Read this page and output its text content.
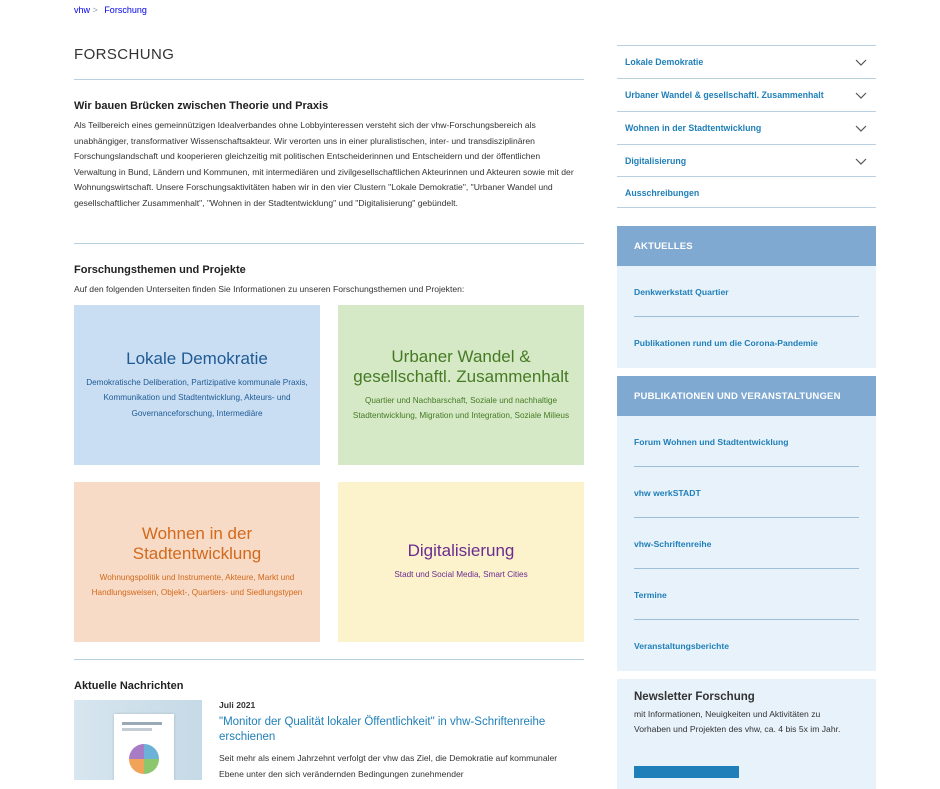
vhw > Forschung
FORSCHUNG
Wir bauen Brücken zwischen Theorie und Praxis

Als Teilbereich eines gemeinnützigen Idealverbandes ohne Lobbyinteressen versteht sich der vhw-Forschungsbereich als unabhängiger, transformativer Wissenschaftsakteur. Wir verorten uns in einer pluralistischen, inter- und transdisziplinären Forschungslandschaft und kooperieren gleichzeitig mit politischen Entscheiderinnen und Entscheidern und der öffentlichen Verwaltung in Bund, Ländern und Kommunen, mit intermediären und zivilgesellschaftlichen Akteurinnen und Akteuren sowie mit der Wohnungswirtschaft. Unsere Forschungsaktivitäten haben wir in den vier Clustern "Lokale Demokratie", "Urbaner Wandel und gesellschaftlicher Zusammenhalt", "Wohnen in der Stadtentwicklung" und "Digitalisierung" gebündelt.

Forschungsthemen und Projekte

Auf den folgenden Unterseiten finden Sie Informationen zu unseren Forschungsthemen und Projekten:

Lokale Demokratie

Demokratische Deliberation, Partizipative kommunale Praxis, Kommunikation und Stadtentwicklung, Akteurs- und Governanceforschung, Intermediäre

Urbaner Wandel & gesellschaftl. Zusammenhalt

Quartier und Nachbarschaft, Soziale und nachhaltige Stadtentwicklung, Migration und Integration, Soziale Milieus

Wohnen in der Stadtentwicklung

Wohnungspolitik und Instrumente, Akteure, Markt und Handlungsweisen, Objekt-, Quartiers- und Siedlungstypen

Digitalisierung

Stadt und Social Media, Smart Cities

Aktuelle Nachrichten
Juli 2021
"Monitor der Qualität lokaler Öffentlichkeit" in vhw-Schriftenreihe erschienen

Seit mehr als einem Jahrzehnt verfolgt der vhw das Ziel, die Demokratie auf kommunaler Ebene unter den sich verändernden Bedingungen zunehmender

Lokale Demokratie
Urbaner Wandel & gesellschaftl. Zusammenhalt
Wohnen in der Stadtentwicklung
Digitalisierung
Ausschreibungen
AKTUELLES
Denkwerkstatt Quartier
Publikationen rund um die Corona-Pandemie
PUBLIKATIONEN UND VERANSTALTUNGEN
Forum Wohnen und Stadtentwicklung
vhw werkSTADT
vhw-Schriftenreihe
Termine
Veranstaltungsberichte
Newsletter Forschung

mit Informationen, Neuigkeiten und Aktivitäten zu Vorhaben und Projekten des vhw, ca. 4 bis 5x im Jahr.
